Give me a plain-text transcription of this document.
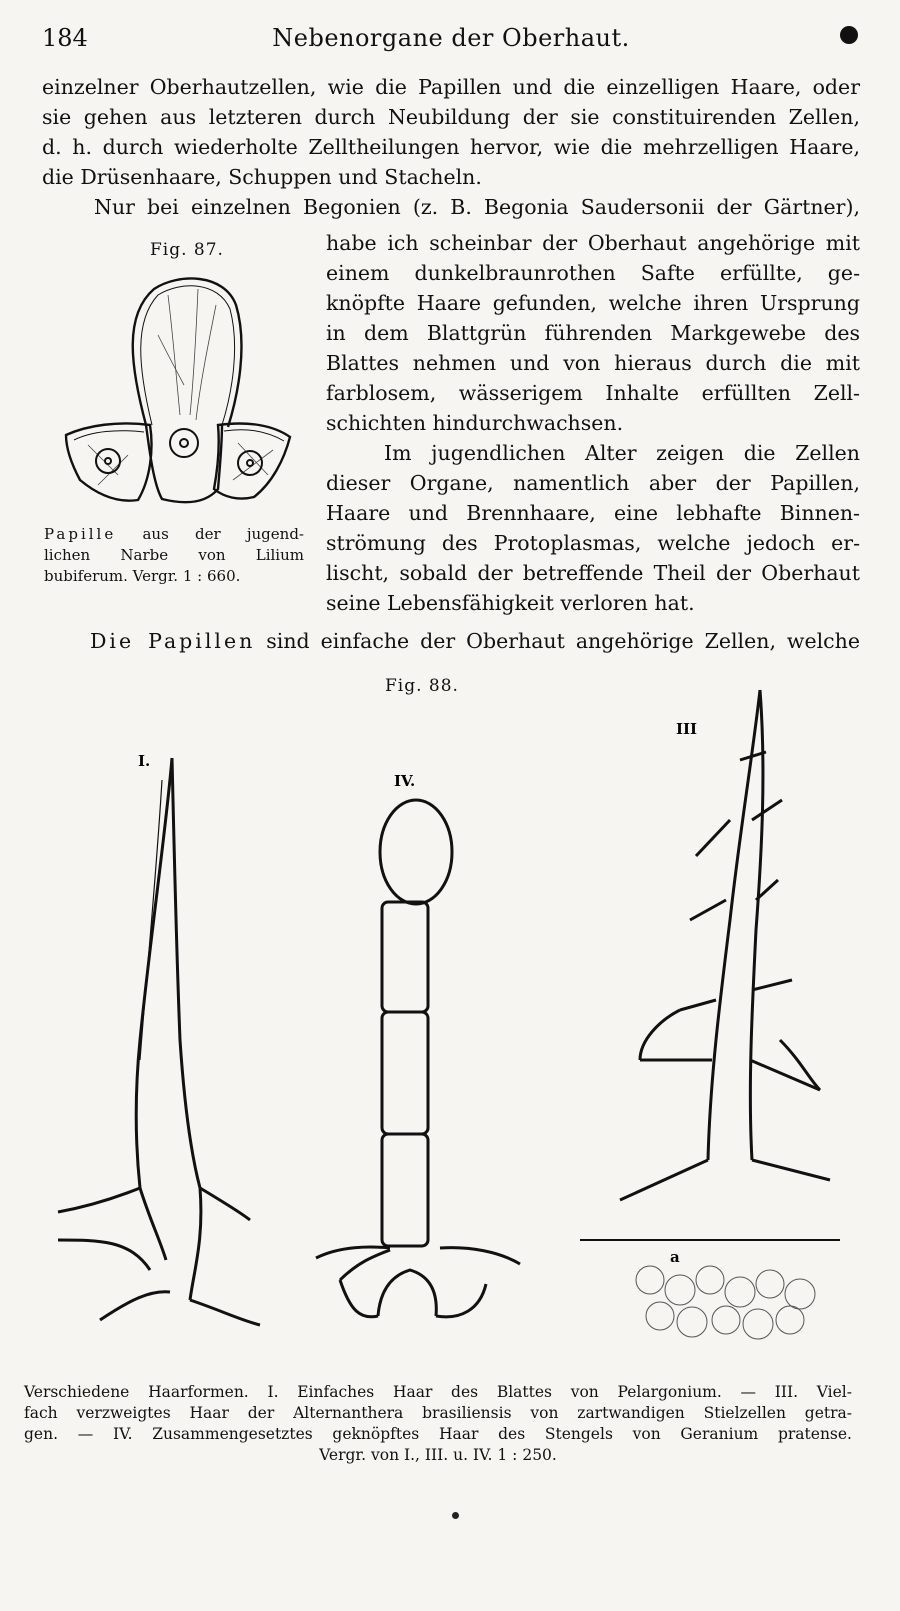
184	Nebenorgane der Oberhaut.
einzelner Oberhautzellen, wie die Papillen und die einzelligen Haare, oder
sie gehen aus letzteren durch Neubildung der sie constituirenden Zellen,
d. h. durch wiederholte Zelltheilungen hervor, wie die mehrzelligen Haare,
die Drüsenhaare, Schuppen und Stacheln.
Nur bei einzelnen Begonien (z. B. Begonia Saudersonii der Gärtner),
Fig. 87.
Papille aus der jugend-
lichen Narbe von Lilium
bubiferum. Vergr. 1 : 660.
habe ich scheinbar der Oberhaut angehörige mit
einem dunkelbraunrothen Safte erfüllte, ge-
knöpfte Haare gefunden, welche ihren Ursprung
in dem Blattgrün führenden Markgewebe des
Blattes nehmen und von hieraus durch die mit
farblosem, wässerigem Inhalte erfüllten Zell-
schichten hindurchwachsen.
Im jugendlichen Alter zeigen die Zellen
dieser Organe, namentlich aber der Papillen,
Haare und Brennhaare, eine lebhafte Binnen-
strömung des Protoplasmas, welche jedoch er-
lischt, sobald der betreffende Theil der Oberhaut
seine Lebensfähigkeit verloren hat.
Die Papillen sind einfache der Oberhaut angehörige Zellen, welche
Fig. 88.
I.
IV.
III
a
Verschiedene Haarformen. I. Einfaches Haar des Blattes von Pelargonium. — III. Viel-
fach verzweigtes Haar der Alternanthera brasiliensis von zartwandigen Stielzellen getra-
gen. — IV. Zusammengesetztes geknöpftes Haar des Stengels von Geranium pratense.
Vergr. von I., III. u. IV. 1 : 250.
